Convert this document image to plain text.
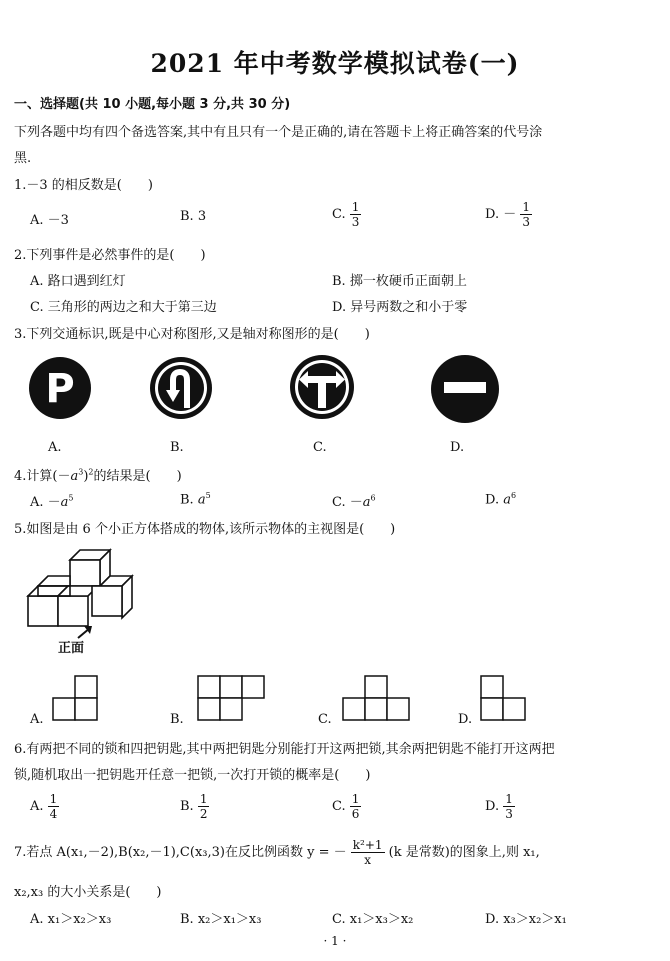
2021 年中考数学模拟试卷(一)
一、选择题(共 10 小题,每小题 3 分,共 30 分)
下列各题中均有四个备选答案,其中有且只有一个是正确的,请在答题卡上将正确答案的代号涂
黑.
1.－3 的相反数是(　　)
A. －3	B. 3	C. $\frac{1}{3}$	D. － $\frac{1}{3}$
2.下列事件是必然事件的是(　　)
A. 路口遇到红灯	B. 掷一枚硬币正面朝上
C. 三角形的两边之和大于第三边	D. 异号两数之和小于零
3.下列交通标识,既是中心对称图形,又是轴对称图形的是(　　)
P
A.	B.	C.	D.
4.计算$(-a^3)^2$的结果是(　　)
A. $-a^5$	B. $a^5$	C. $-a^6$	D. $a^6$
5.如图是由 6 个小正方体搭成的物体,该所示物体的主视图是(　　)
正面
A.	B.	C.	D.
6.有两把不同的锁和四把钥匙,其中两把钥匙分别能打开这两把锁,其余两把钥匙不能打开这两把
锁,随机取出一把钥匙开任意一把锁,一次打开锁的概率是(　　)
A. $\frac{1}{4}$	B. $\frac{1}{2}$	C. $\frac{1}{6}$	D. $\frac{1}{3}$
7.若点 A(x₁,－2),B(x₂,－1),C(x₃,3)在反比例函数 y = － $\frac{\text{k²+1}}{x} (k$ 是常数)的图象上,则 x₁,
x₂,x₃ 的大小关系是(　　)
A. x₁＞x₂＞x₃	B. x₂＞x₁＞x₃	C. x₁＞x₃＞x₂	D. x₃＞x₂＞x₁
· 1 ·
